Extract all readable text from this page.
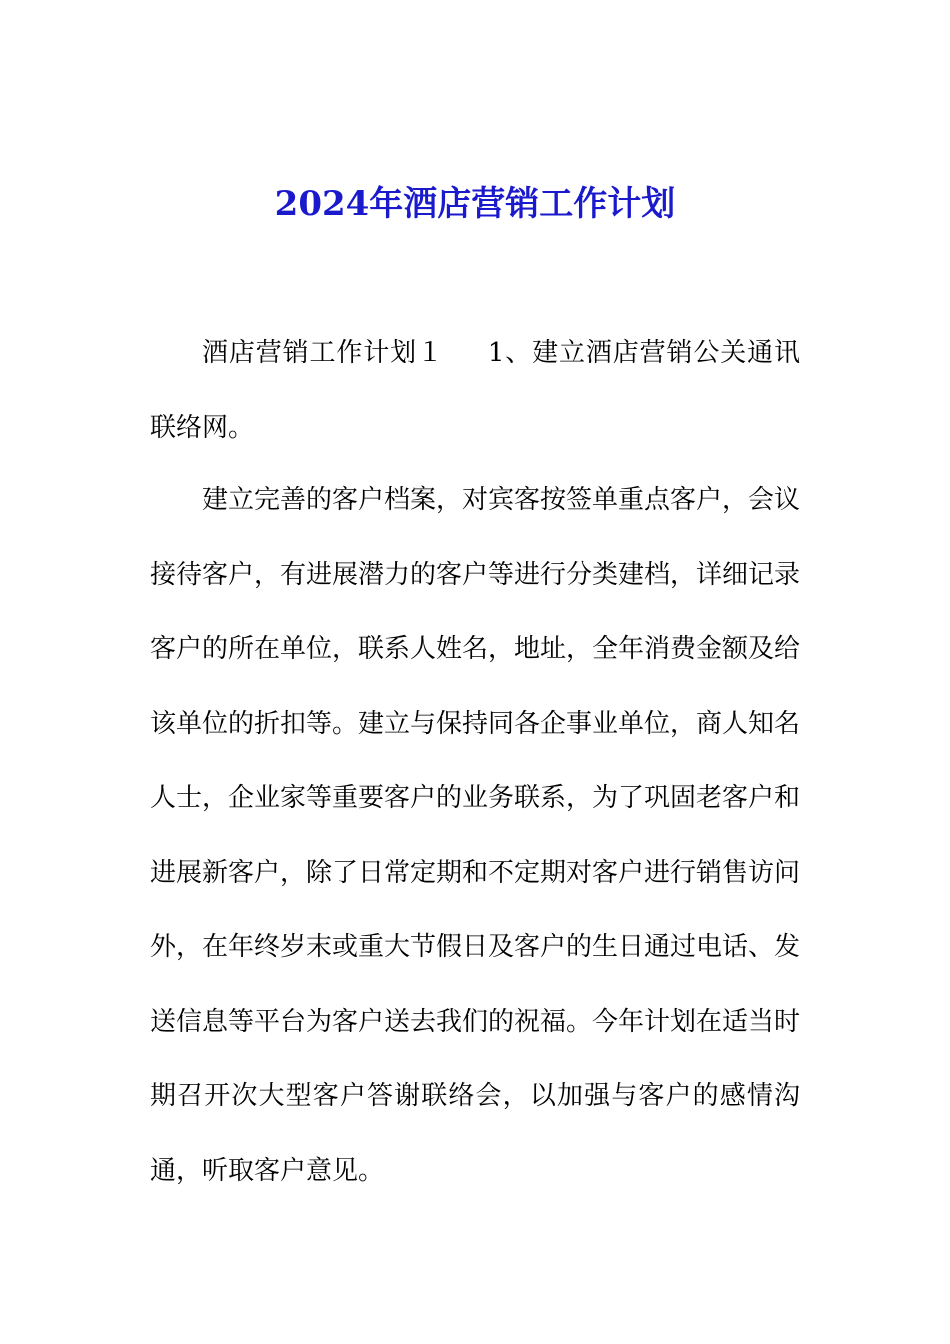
2024年酒店营销工作计划

酒店营销工作计划１ 1、建立酒店营销公关通讯联络网。

建立完善的客户档案，对宾客按签单重点客户，会议接待客户，有进展潜力的客户等进行分类建档，详细记录客户的所在单位，联系人姓名，地址，全年消费金额及给该单位的折扣等。建立与保持同各企事业单位，商人知名人士，企业家等重要客户的业务联系，为了巩固老客户和进展新客户，除了日常定期和不定期对客户进行销售访问外，在年终岁末或重大节假日及客户的生日通过电话、发送信息等平台为客户送去我们的祝福。今年计划在适当时期召开次大型客户答谢联络会，以加强与客户的感情沟通，听取客户意见。
